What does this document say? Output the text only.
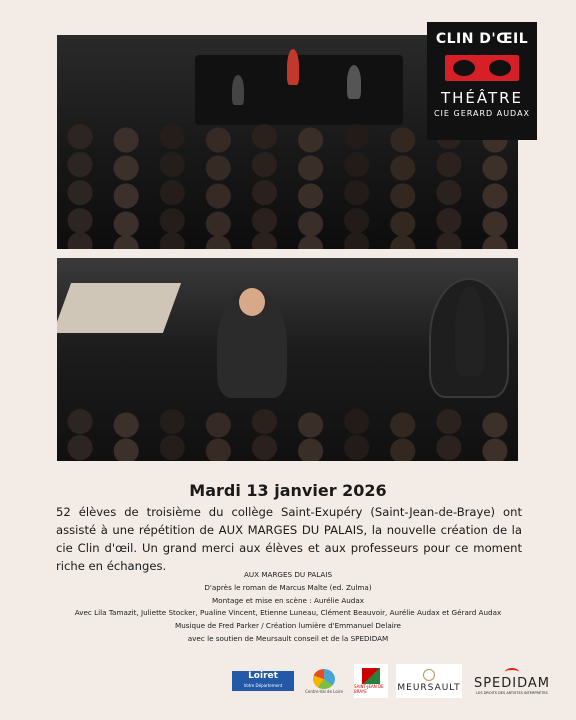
CLIN D'ŒIL
THÉÂTRE
CIE GERARD AUDAX
Mardi 13 janvier 2026
52 élèves de troisième du collège Saint-Exupéry (Saint-Jean-de-Braye) ont assisté à une répétition de AUX MARGES DU PALAIS, la nouvelle création de la cie Clin d'œil. Un grand merci aux élèves et aux professeurs pour ce moment riche en échanges.
AUX MARGES DU PALAIS
D'après le roman de Marcus Malte (ed. Zulma)
Montage et mise en scène : Aurélie Audax
Avec Lila Tamazit, Juliette Stocker, Pualine Vincent, Etienne Luneau, Clément Beauvoir, Aurélie Audax et Gérard Audax
Musique de Fred Parker / Création lumière d'Emmanuel Delaire
avec le soutien de Meursault conseil et de la SPEDIDAM
Loiret
Votre Département
Centre-Val de Loire
SAINT-JEAN DE BRAYE	MEURSAULT SPEDIDAM
LES DROITS DES ARTISTES INTERPRÈTES
